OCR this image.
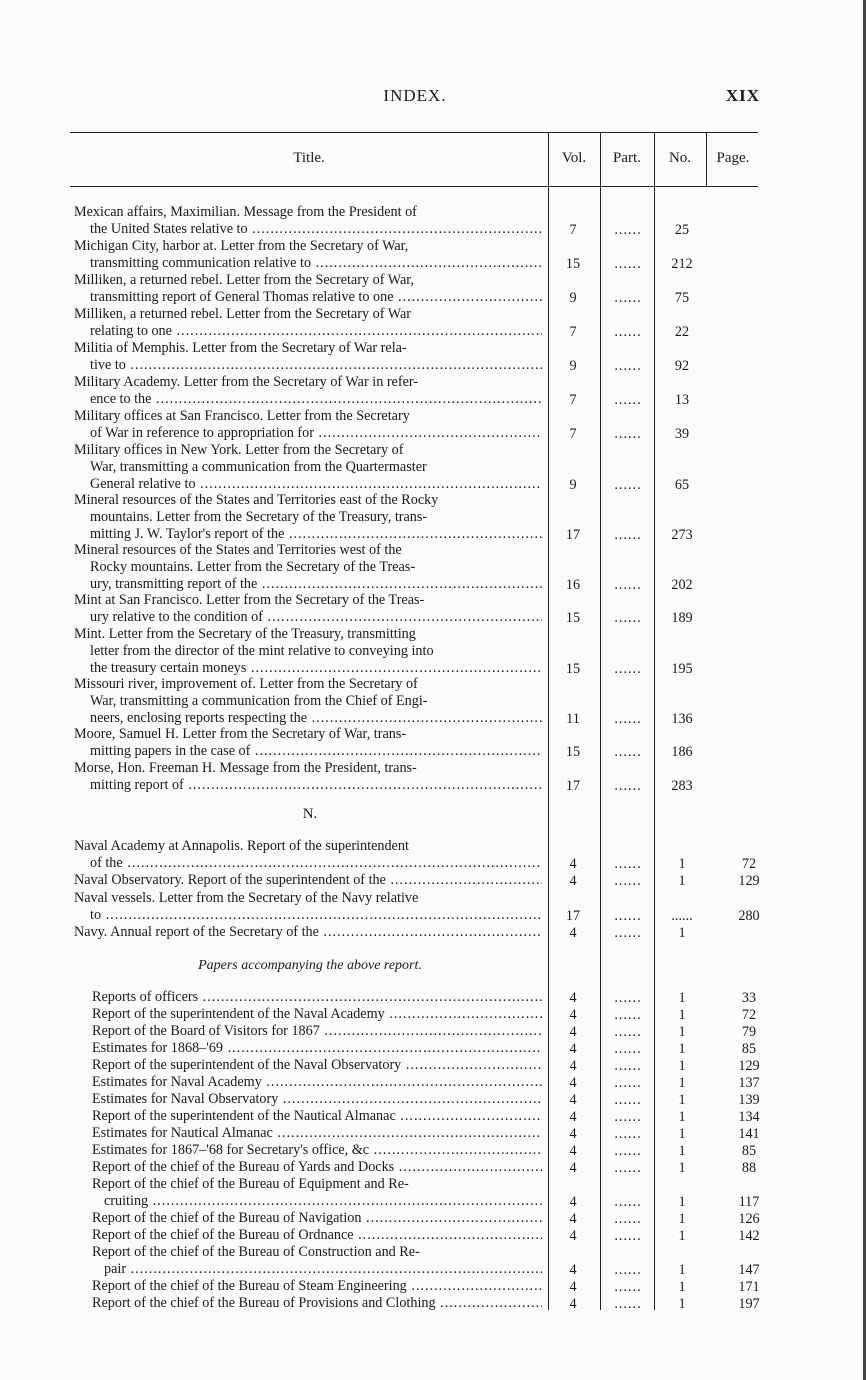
INDEX.	XIX
Title.	Vol.	Part.	No.	Page.
Mexican affairs, Maximilian. Message from the President of
the United States relative to .....	7	......	25
Michigan City, harbor at. Letter from the Secretary of War,
transmitting communication relative to .....	15	......	212
Milliken, a returned rebel. Letter from the Secretary of War,
transmitting report of General Thomas relative to one .....	9	......	75
Milliken, a returned rebel. Letter from the Secretary of War
relating to one .....	7	......	22
Militia of Memphis. Letter from the Secretary of War rela-
tive to .....	9	......	92
Military Academy. Letter from the Secretary of War in refer-
ence to the .....	7	......	13
Military offices at San Francisco. Letter from the Secretary
of War in reference to appropriation for .....	7	......	39
Military offices in New York. Letter from the Secretary of
War, transmitting a communication from the Quartermaster
General relative to .....	9	......	65
Mineral resources of the States and Territories east of the Rocky
mountains. Letter from the Secretary of the Treasury, trans-
mitting J. W. Taylor's report of the .....	17	......	273
Mineral resources of the States and Territories west of the
Rocky mountains. Letter from the Secretary of the Treas-
ury, transmitting report of the .....	16	......	202
Mint at San Francisco. Letter from the Secretary of the Treas-
ury relative to the condition of .....	15	......	189
Mint. Letter from the Secretary of the Treasury, transmitting
letter from the director of the mint relative to conveying into
the treasury certain moneys .....	15	......	195
Missouri river, improvement of. Letter from the Secretary of
War, transmitting a communication from the Chief of Engi-
neers, enclosing reports respecting the .....	11	......	136
Moore, Samuel H. Letter from the Secretary of War, trans-
mitting papers in the case of .....	15	......	186
Morse, Hon. Freeman H. Message from the President, trans-
mitting report of .....	17	......	283
N.
Naval Academy at Annapolis. Report of the superintendent
of the .....	4	......	1	72
Naval Observatory. Report of the superintendent of the .....	4	......	1	129
Naval vessels. Letter from the Secretary of the Navy relative
to .....	17	......	......	280
Navy. Annual report of the Secretary of the .....	4	......	1
Papers accompanying the above report.
Reports of officers .....	4	......	1	33
Report of the superintendent of the Naval Academy .....	4	......	1	72
Report of the Board of Visitors for 1867 .....	4	......	1	79
Estimates for 1868–'69 .....	4	......	1	85
Report of the superintendent of the Naval Observatory .....	4	......	1	129
Estimates for Naval Academy .....	4	......	1	137
Estimates for Naval Observatory .....	4	......	1	139
Report of the superintendent of the Nautical Almanac .....	4	......	1	134
Estimates for Nautical Almanac .....	4	......	1	141
Estimates for 1867–'68 for Secretary's office, &c .....	4	......	1	85
Report of the chief of the Bureau of Yards and Docks .....	4	......	1	88
Report of the chief of the Bureau of Equipment and Re-
cruiting .....	4	......	1	117
Report of the chief of the Bureau of Navigation .....	4	......	1	126
Report of the chief of the Bureau of Ordnance .....	4	......	1	142
Report of the chief of the Bureau of Construction and Re-
pair .....	4	......	1	147
Report of the chief of the Bureau of Steam Engineering .....	4	......	1	171
Report of the chief of the Bureau of Provisions and Clothing .....	4	......	1	197
